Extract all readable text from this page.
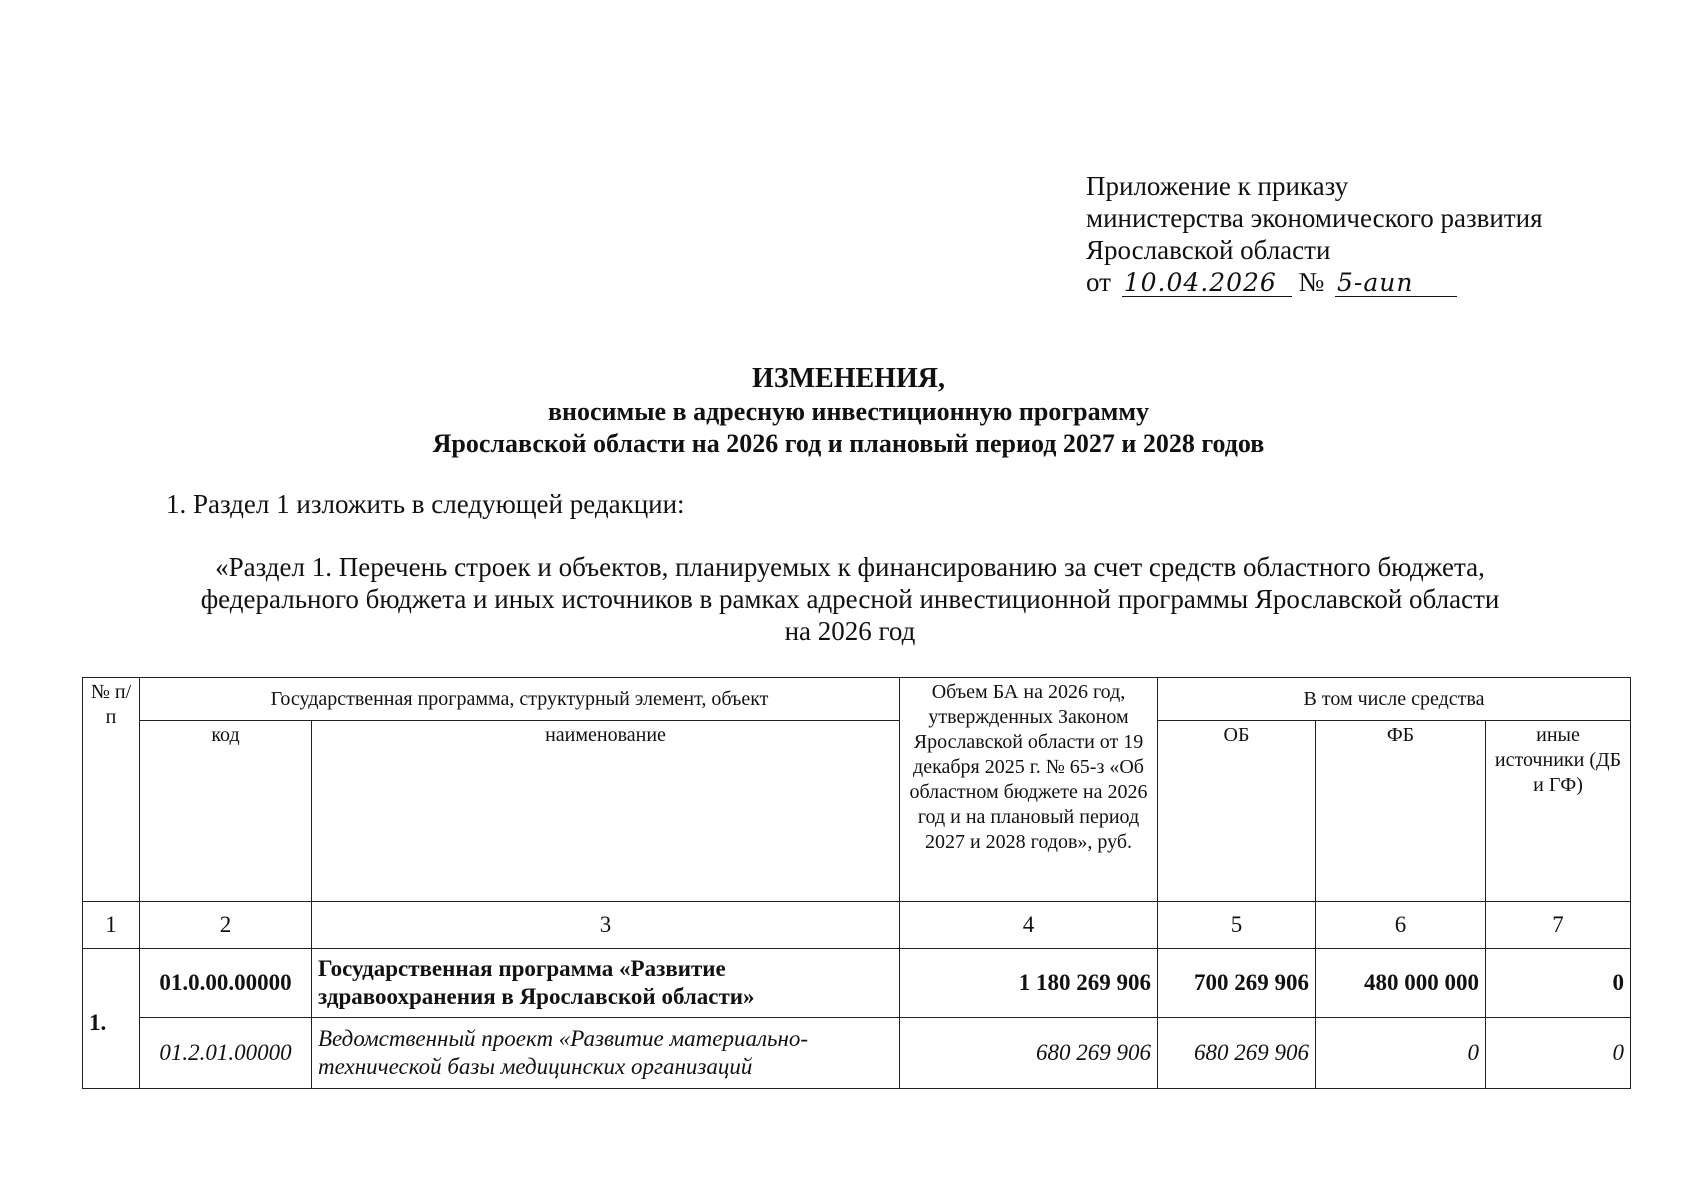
Приложение к приказу
министерства экономического развития
Ярославской области
от 10.04.2026 № 5-аип
ИЗМЕНЕНИЯ,
вносимые в адресную инвестиционную программу
Ярославской области на 2026 год и плановый период 2027 и 2028 годов
1. Раздел 1 изложить в следующей редакции:
«Раздел 1. Перечень строек и объектов, планируемых к финансированию за счет средств областного бюджета,
федерального бюджета и иных источников в рамках адресной инвестиционной программы Ярославской области
на 2026 год
№ п/п	Государственная программа, структурный элемент, объект		Объем БА на 2026 год, утвержденных Законом Ярославской области от 19 декабря 2025 г. № 65-з «Об областном бюджете на 2026 год и на плановый период 2027 и 2028 годов», руб.	В том числе средства		
	код	наименование		ОБ	ФБ	иные источники (ДБ и ГФ)
1	2	3	4	5	6	7
1.	01.0.00.00000	Государственная программа «Развитие здравоохранения в Ярославской области»	1 180 269 906	700 269 906	480 000 000	0
	01.2.01.00000	Ведомственный проект «Развитие материально-технической базы медицинских организаций	680 269 906	680 269 906	0	0
